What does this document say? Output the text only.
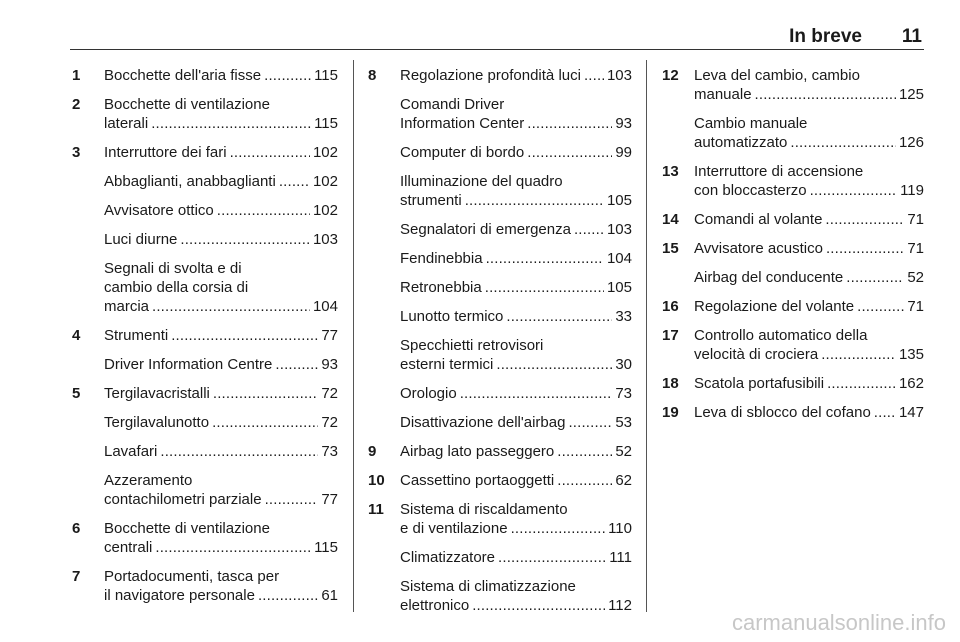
In breve 11
1 Bocchette dell'aria fisse . . .	115
2 Bocchette di ventilazione
laterali . . .	115
3 Interruttore dei fari . . .	102
Abbaglianti, anabbaglianti . . . 102
Avvisatore ottico . . .	102
Luci diurne . . .	103
Segnali di svolta e di
cambio della corsia di
marcia . . .	104
4 Strumenti . . .	77
Driver Information Centre . . .	93
5 Tergilavacristalli . . .	72
Tergilavalunotto . . .	72
Lavafari . . .	73
Azzeramento
contachilometri parziale . . .	77
6 Bocchette di ventilazione
centrali . . .	115
7 Portadocumenti, tasca per
il navigatore personale . . .	61
8 Regolazione profondità luci . . . 103
Comandi Driver
Information Center . . .	93
Computer di bordo . . .	99
Illuminazione del quadro
strumenti . . .	105
Segnalatori di emergenza . . . 103
Fendinebbia . . .	104
Retronebbia . . .	105
Lunotto termico . . .	33
Specchietti retrovisori
esterni termici . . .	30
Orologio . . .	73
Disattivazione dell'airbag . . .	53
9 Airbag lato passeggero . . .	52
10 Cassettino portaoggetti . . .	62
11 Sistema di riscaldamento
e di ventilazione . . .	110
Climatizzatore . . .	111
Sistema di climatizzazione
elettronico . . .	112
12 Leva del cambio, cambio
manuale . . .	125
Cambio manuale
automatizzato . . .	126
13 Interruttore di accensione
con bloccasterzo . . .	119
14 Comandi al volante . . .	71
15 Avvisatore acustico . . .	71
Airbag del conducente . . .	52
16 Regolazione del volante . . .	71
17 Controllo automatico della
velocità di crociera . . .	135
18 Scatola portafusibili . . .	162
19 Leva di sblocco del cofano . . . 147
carmanualsonline.info
